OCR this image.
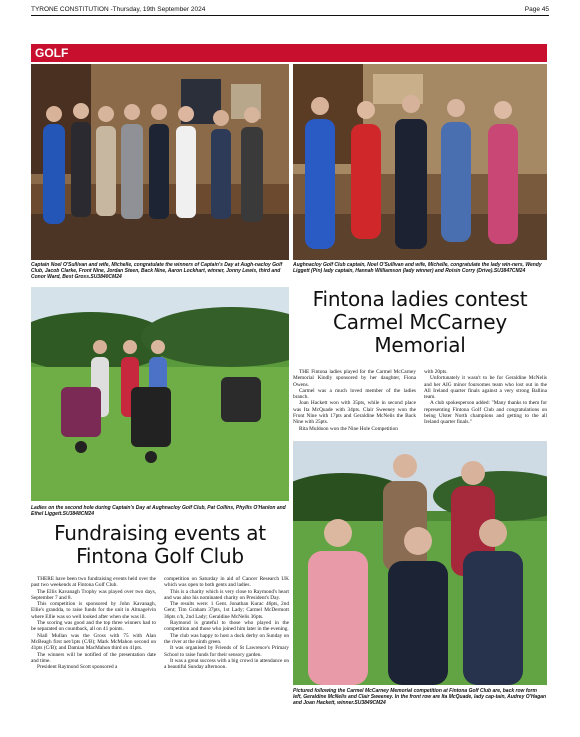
TYRONE CONSTITUTION -Thursday, 19th September 2024	Page 45
GOLF
Captain Noel O'Sullivan and wife, Michelle, congratulate the winners of Captain's Day at Augh-nacloy Golf Club, Jacob Clarke, Front Nine, Jordan Steen, Back Nine, Aaron Lockhart, winner, Jonny Lewis, third and Conor Ward, Best Gross.SU3840CM24
Aughnacloy Golf Club captain, Noel O'Sullivan and wife, Michelle, congratulate the lady win-ners, Wendy Liggett (Pin) lady captain, Hannah Williamson (lady winner) and Roisin Corry (Drive).SU3847CM24
Ladies on the second hole during Captain's Day at Aughnacloy Golf Club, Pat Collins, Phyllis O'Hanlon and Ethel Liggett.SU3848CM24
Fintona ladies contest Carmel McCarney Memorial

THE Fintona ladies played for the Carmel McCarney Memorial Kindly sponsored by her daughter, Fiona Owens.

Carmel was a much loved member of the ladies branch.

Joan Hackett won with 35pts, while in second place was Ita McQuade with 34pts. Clair Sweeney won the Front Nine with 17pts and Geraldine McNelis the Back Nine with 25pts.

Rita Muldoon won the Nine Hole Competition

with 20pts.

Unfortunately it wasn't to be for Geraldine McNelis and her AIG minor foursomes team who lost out in the All Ireland quarter finals against a very strong Ballina team.

A club spokesperson added: "Many thanks to them for representing Fintona Golf Club and congratulations on being Ulster North champions and getting to the all Ireland quarter finals."

Pictured following the Carmel McCarney Memorial competition at Fintona Golf Club are, back row form left, Geraldine McNelis and Clair Sweeney. In the front row are Ita McQuade, lady cap-tain, Audrey O'Hagan and Joan Hackett, winner.SU3849CM24
Fundraising events at Fintona Golf Club

THERE have been two fundraising events held over the past two weekends at Fintona Golf Club.

The Ellis Kavanagh Trophy was played over two days, September 7 and 8.

This competition is sponsored by John Kavanagh, Ellie's grandda, to raise funds for the unit in Altnagelvin where Ellie was so well looked after when she was ill.

The scoring was good and the top three winners had to be separated on countback, all on 41 points.

Niall Mullan was the Gross with 75 with Alan McBeagh first net/1pts (C/B); Mark McMahon second on 41pts (C/B); and Damian MacMahon third on 41pts.

The winners will be notified of the presentation date and time.

President Raymond Scott sponsored a

competition on Saturday in aid of Cancer Research UK which was open to both gents and ladies.

This is a charity which is very close to Raymond's heart and was also his nominated charity on President's Day.

The results were: 1 Gent. Jonathan Kurac 46pts, 2nd Gent; Tim Graham 37pts, 1st Lady; Carmel McDermott 36pts c/b, 2nd Lady; Geraldine McNelis 36pts.

Raymond is grateful to those who played in the competition and those who joined him later in the evening.

The club was happy to host a duck derby on Sunday on the river at the ninth green.

It was organised by Friends of St Lawrence's Primary School to raise funds for their sensory garden.

It was a great success with a big crowd in attendance on a beautiful Sunday afternoon.
